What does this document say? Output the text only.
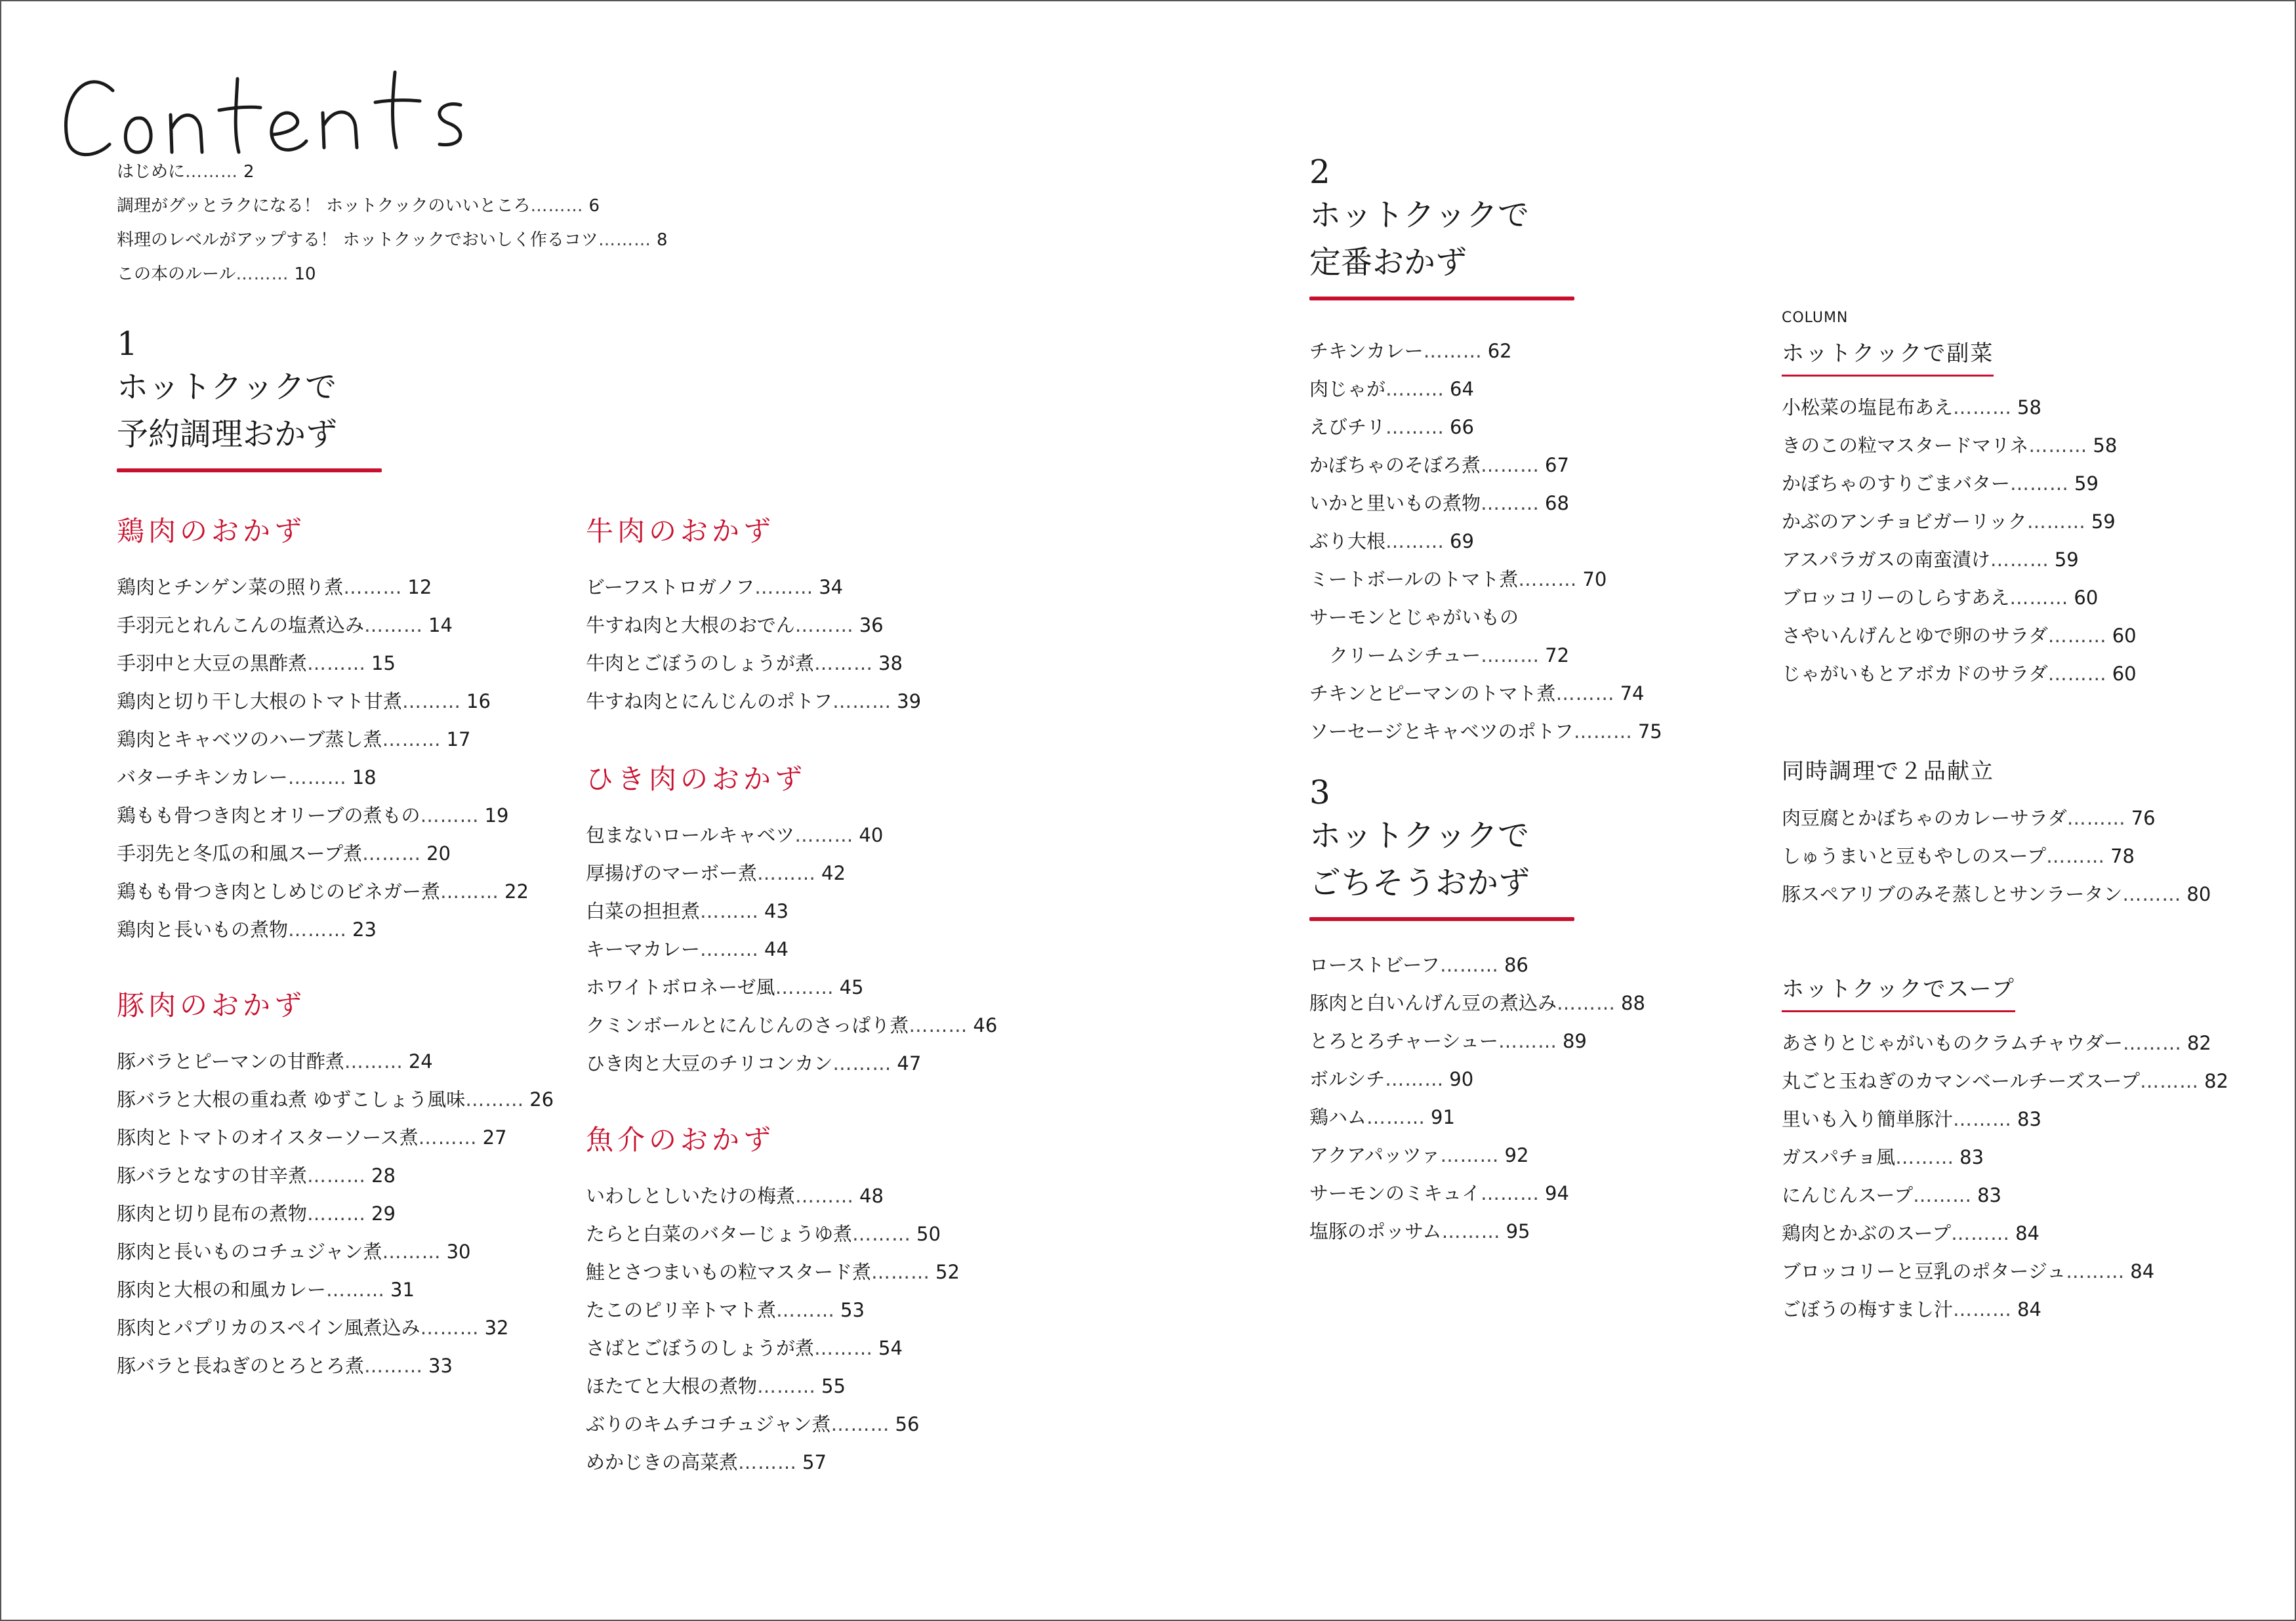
はじめに……… 2
調理がグッとラクになる！ ホットクックのいいところ……… 6
料理のレベルがアップする！ ホットクックでおいしく作るコツ……… 8
この本のルール……… 10
1
ホットクックで
予約調理おかず
鶏肉のおかず
鶏肉とチンゲン菜の照り煮……… 12
手羽元とれんこんの塩煮込み……… 14
手羽中と大豆の黒酢煮……… 15
鶏肉と切り干し大根のトマト甘煮……… 16
鶏肉とキャベツのハーブ蒸し煮……… 17
バターチキンカレー……… 18
鶏もも骨つき肉とオリーブの煮もの……… 19
手羽先と冬瓜の和風スープ煮……… 20
鶏もも骨つき肉としめじのビネガー煮……… 22
鶏肉と長いもの煮物……… 23
豚肉のおかず
豚バラとピーマンの甘酢煮……… 24
豚バラと大根の重ね煮 ゆずこしょう風味……… 26
豚肉とトマトのオイスターソース煮……… 27
豚バラとなすの甘辛煮……… 28
豚肉と切り昆布の煮物……… 29
豚肉と長いものコチュジャン煮……… 30
豚肉と大根の和風カレー……… 31
豚肉とパプリカのスペイン風煮込み……… 32
豚バラと長ねぎのとろとろ煮……… 33
牛肉のおかず
ビーフストロガノフ……… 34
牛すね肉と大根のおでん……… 36
牛肉とごぼうのしょうが煮……… 38
牛すね肉とにんじんのポトフ……… 39
ひき肉のおかず
包まないロールキャベツ……… 40
厚揚げのマーボー煮……… 42
白菜の担担煮……… 43
キーマカレー……… 44
ホワイトボロネーゼ風……… 45
クミンボールとにんじんのさっぱり煮……… 46
ひき肉と大豆のチリコンカン……… 47
魚介のおかず
いわしとしいたけの梅煮……… 48
たらと白菜のバターじょうゆ煮……… 50
鮭とさつまいもの粒マスタード煮……… 52
たこのピリ辛トマト煮……… 53
さばとごぼうのしょうが煮……… 54
ほたてと大根の煮物……… 55
ぶりのキムチコチュジャン煮……… 56
めかじきの高菜煮……… 57
2
ホットクックで
定番おかず
チキンカレー……… 62
肉じゃが……… 64
えびチリ……… 66
かぼちゃのそぼろ煮……… 67
いかと里いもの煮物……… 68
ぶり大根……… 69
ミートボールのトマト煮……… 70
サーモンとじゃがいもの
クリームシチュー……… 72
チキンとピーマンのトマト煮……… 74
ソーセージとキャベツのポトフ……… 75
3
ホットクックで
ごちそうおかず
ローストビーフ……… 86
豚肉と白いんげん豆の煮込み……… 88
とろとろチャーシュー……… 89
ボルシチ……… 90
鶏ハム……… 91
アクアパッツァ……… 92
サーモンのミキュイ……… 94
塩豚のポッサム……… 95
COLUMN
ホットクックで副菜
小松菜の塩昆布あえ……… 58
きのこの粒マスタードマリネ……… 58
かぼちゃのすりごまバター……… 59
かぶのアンチョビガーリック……… 59
アスパラガスの南蛮漬け……… 59
ブロッコリーのしらすあえ……… 60
さやいんげんとゆで卵のサラダ……… 60
じゃがいもとアボカドのサラダ……… 60
同時調理で２品献立
肉豆腐とかぼちゃのカレーサラダ……… 76
しゅうまいと豆もやしのスープ……… 78
豚スペアリブのみそ蒸しとサンラータン……… 80
ホットクックでスープ
あさりとじゃがいものクラムチャウダー……… 82
丸ごと玉ねぎのカマンベールチーズスープ……… 82
里いも入り簡単豚汁……… 83
ガスパチョ風……… 83
にんじんスープ……… 83
鶏肉とかぶのスープ……… 84
ブロッコリーと豆乳のポタージュ……… 84
ごぼうの梅すまし汁……… 84
